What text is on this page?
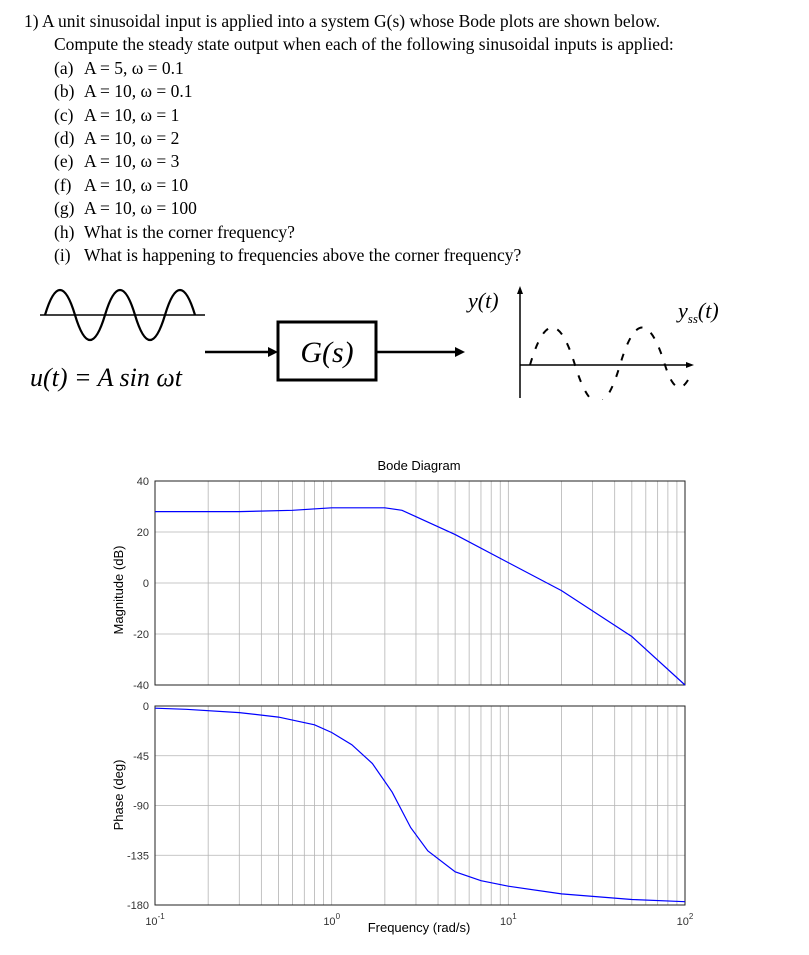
1) A unit sinusoidal input is applied into a system G(s) whose Bode plots are shown below.

Compute the steady state output when each of the following sinusoidal inputs is applied:

(a) A = 5, ω = 0.1
(b) A = 10, ω = 0.1
(c) A = 10, ω = 1
(d) A = 10, ω = 2
(e) A = 10, ω = 3
(f) A = 10, ω = 10
(g) A = 10, ω = 100
(h) What is the corner frequency?
(i) What is happening to frequencies above the corner frequency?
u(t) = A sin ωt
G(s)
y(t)	$y_{ss}(t)$
Bode Diagram
40
20
0
-20
-40
0
-45
-90
-135
-180
$10^{-1}$	$10^0$	$10^1$	$10^2$
Magnitude (dB)
Phase (deg)
Frequency (rad/s)
